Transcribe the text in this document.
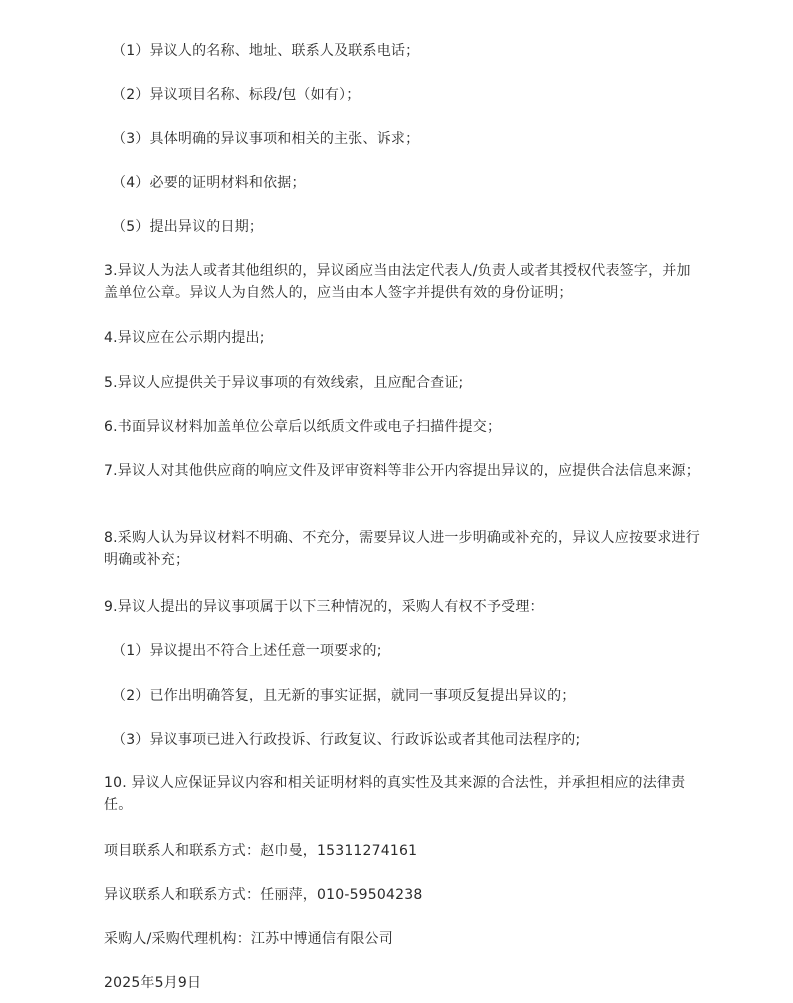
（1）异议人的名称、地址、联系人及联系电话；

（2）异议项目名称、标段/包（如有）；

（3）具体明确的异议事项和相关的主张、诉求；

（4）必要的证明材料和依据；

（5）提出异议的日期；

3.异议人为法人或者其他组织的，异议函应当由法定代表人/负责人或者其授权代表签字，并加盖单位公章。异议人为自然人的，应当由本人签字并提供有效的身份证明；

4.异议应在公示期内提出;

5.异议人应提供关于异议事项的有效线索，且应配合查证;

6.书面异议材料加盖单位公章后以纸质文件或电子扫描件提交；

7.异议人对其他供应商的响应文件及评审资料等非公开内容提出异议的，应提供合法信息来源；

8.采购人认为异议材料不明确、不充分，需要异议人进一步明确或补充的，异议人应按要求进行明确或补充；

9.异议人提出的异议事项属于以下三种情况的，采购人有权不予受理：

（1）异议提出不符合上述任意一项要求的;

（2）已作出明确答复，且无新的事实证据，就同一事项反复提出异议的；

（3）异议事项已进入行政投诉、行政复议、行政诉讼或者其他司法程序的;

10. 异议人应保证异议内容和相关证明材料的真实性及其来源的合法性，并承担相应的法律责任。

项目联系人和联系方式：赵巾曼，15311274161

异议联系人和联系方式：任丽萍，010-59504238

采购人/采购代理机构：江苏中博通信有限公司

2025年5月9日
